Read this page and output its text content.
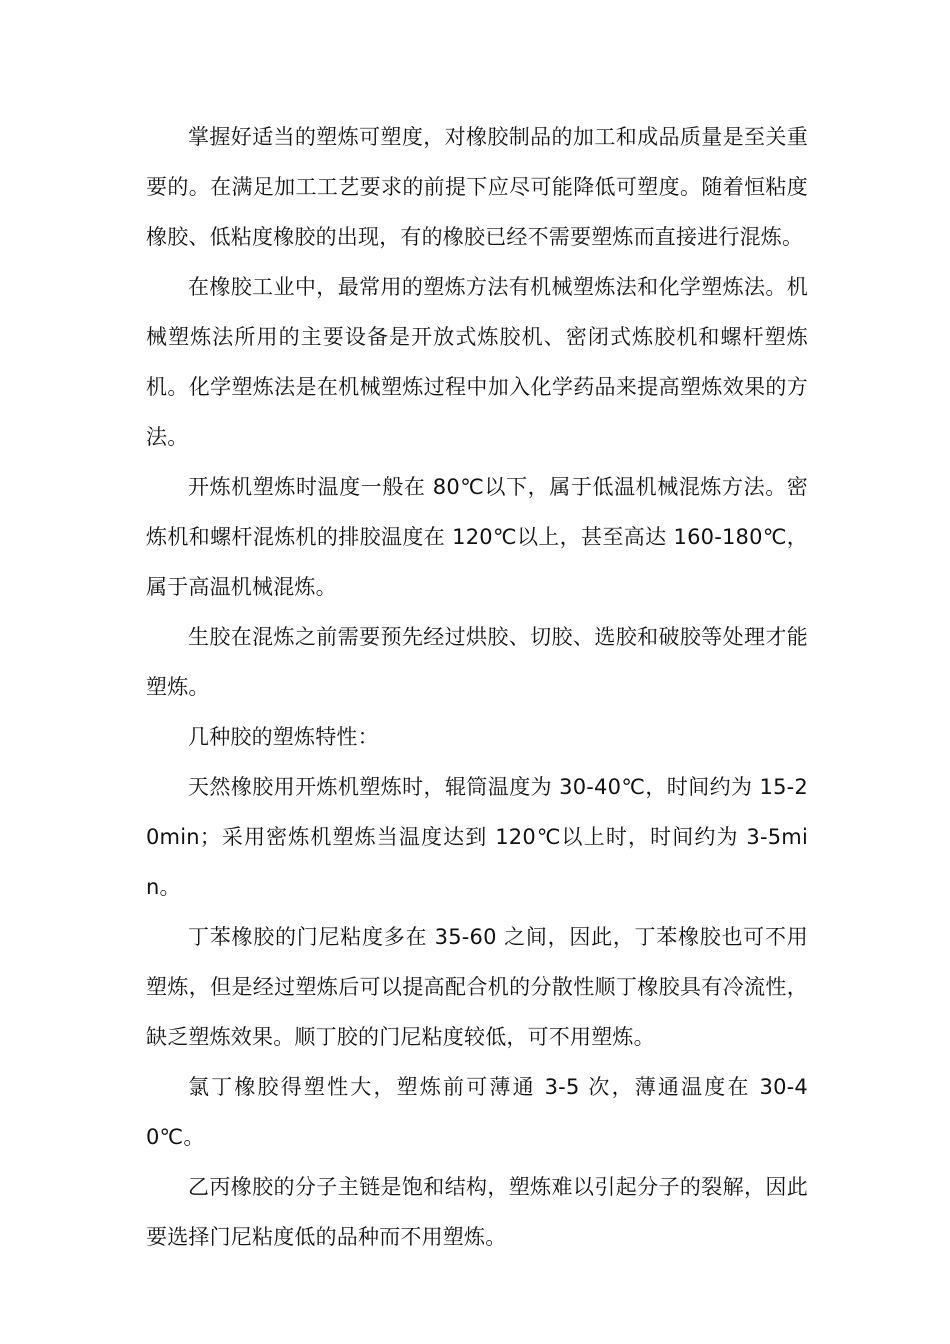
掌握好适当的塑炼可塑度，对橡胶制品的加工和成品质量是至关重要的。在满足加工工艺要求的前提下应尽可能降低可塑度。随着恒粘度橡胶、低粘度橡胶的出现，有的橡胶已经不需要塑炼而直接进行混炼。

在橡胶工业中，最常用的塑炼方法有机械塑炼法和化学塑炼法。机械塑炼法所用的主要设备是开放式炼胶机、密闭式炼胶机和螺杆塑炼机。化学塑炼法是在机械塑炼过程中加入化学药品来提高塑炼效果的方法。

开炼机塑炼时温度一般在 80℃以下，属于低温机械混炼方法。密炼机和螺杆混炼机的排胶温度在 120℃以上，甚至高达 160-180℃，属于高温机械混炼。

生胶在混炼之前需要预先经过烘胶、切胶、选胶和破胶等处理才能塑炼。

几种胶的塑炼特性：

天然橡胶用开炼机塑炼时，辊筒温度为 30-40℃，时间约为 15-20min；采用密炼机塑炼当温度达到 120℃以上时，时间约为 3-5min。

丁苯橡胶的门尼粘度多在 35-60 之间，因此，丁苯橡胶也可不用塑炼，但是经过塑炼后可以提高配合机的分散性顺丁橡胶具有冷流性，缺乏塑炼效果。顺丁胶的门尼粘度较低，可不用塑炼。

氯丁橡胶得塑性大，塑炼前可薄通 3-5 次，薄通温度在 30-40℃。

乙丙橡胶的分子主链是饱和结构，塑炼难以引起分子的裂解，因此要选择门尼粘度低的品种而不用塑炼。
